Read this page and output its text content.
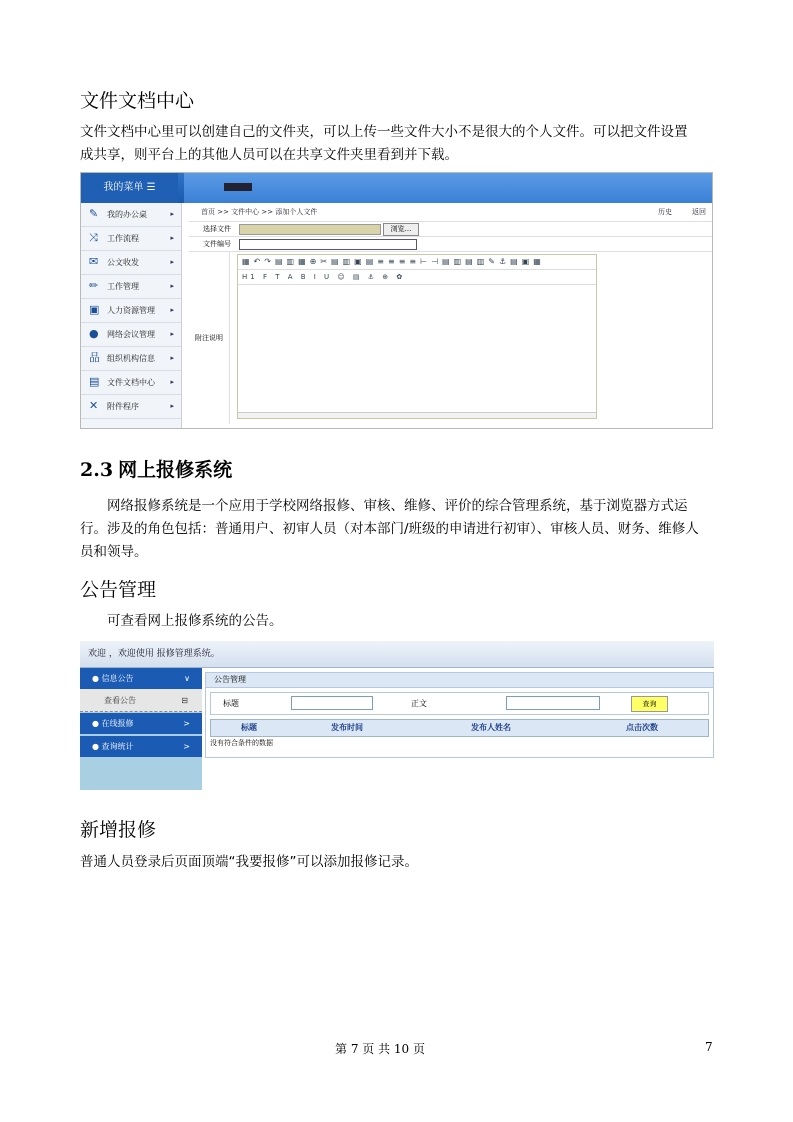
文件文档中心
文件文档中心里可以创建自己的文件夹，可以上传一些文件大小不是很大的个人文件。可以把文件设置
成共享，则平台上的其他人员可以在共享文件夹里看到并下载。
我的菜单 ☰
✎	我的办公桌	▸
⤨	工作流程	▸
✉	公文收发	▸
✏	工作管理	▸
▣ 人力资源管理 ▸
● 网络会议管理 ▸
品 组织机构信息 ▸
▤ 文件文档中心 ▸
✕	附件程序	▸
首页 >> 文件中心 >> 添加个人文件	历史	返回
选择文件	浏览...
文件编号
附注说明
▦↶↷▤▥▦⊕✂▤▥▣▤≡≡≡≡⊢⊣▤▥▤▥✎⚓▤▣▦
H1 F T A B I U ☺ ▤ ⚓ ⊕ ✿
2.3 网上报修系统
网络报修系统是一个应用于学校网络报修、审核、维修、评价的综合管理系统，基于浏览器方式运
行。涉及的角色包括：普通用户、初审人员（对本部门/班级的申请进行初审）、审核人员、财务、维修人
员和领导。
公告管理
可查看网上报修系统的公告。
欢迎 ，欢迎使用 报修管理系统。
● 信息公告	∨
查看公告	⊟
● 在线报修	>
● 查询统计	>
公告管理
标题	正文	查询
标题	发布时间	发布人姓名	点击次数
没有符合条件的数据
新增报修
普通人员登录后页面顶端“我要报修”可以添加报修记录。
第 7 页 共 10 页	7
